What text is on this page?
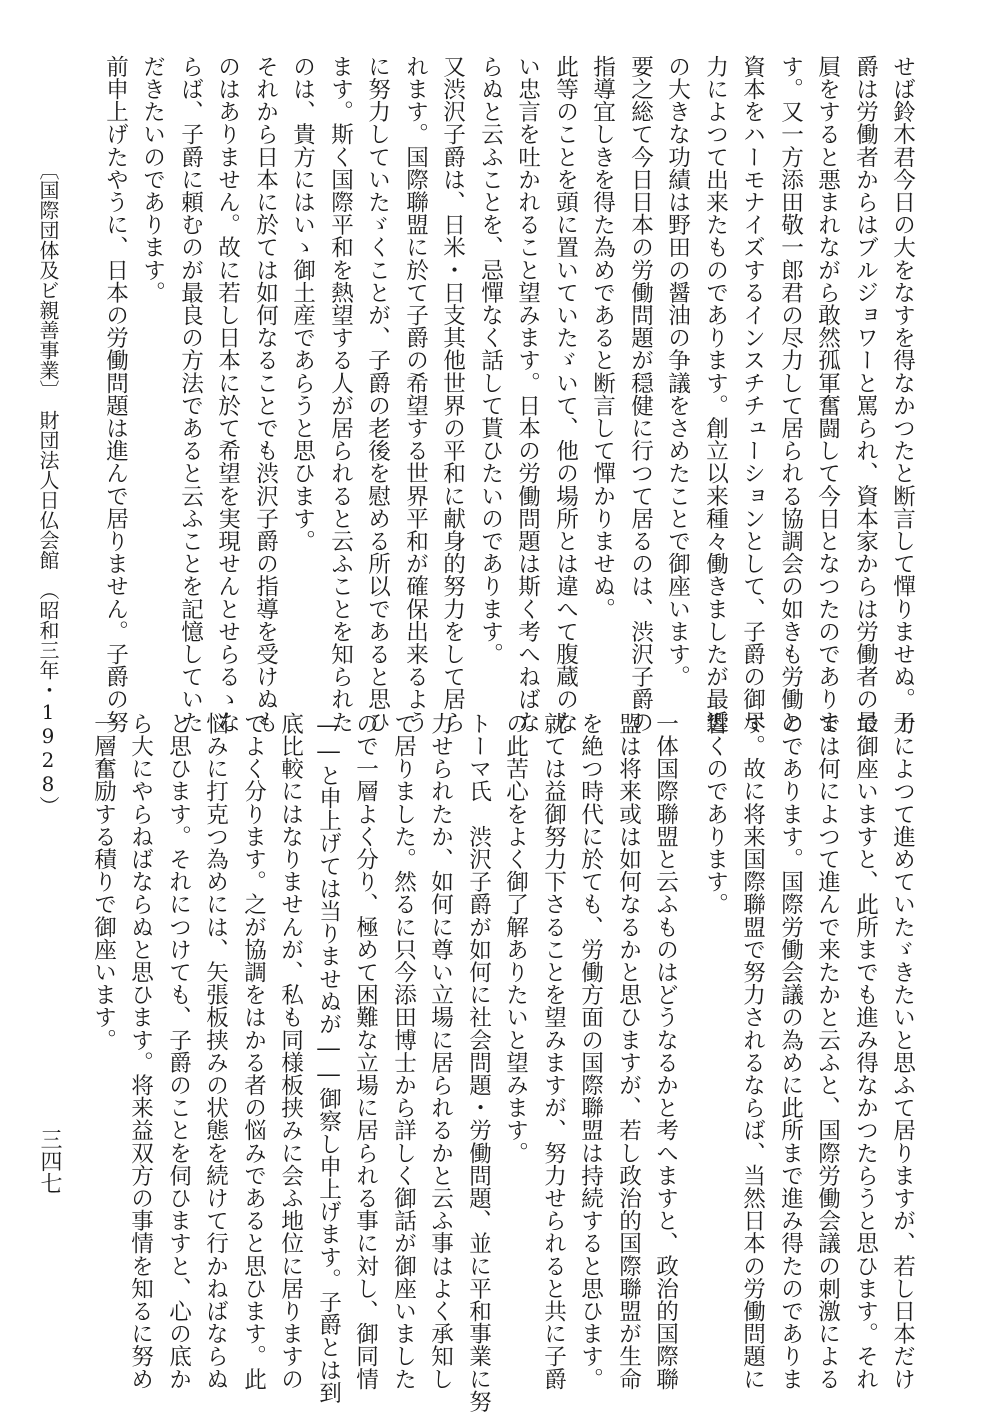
せば鈴木君今日の大をなすを得なかつたと断言して憚りませぬ。子
爵は労働者からはブルジョワーと罵られ、資本家からは労働者の最
屓をすると悪まれながら敢然孤軍奮闘して今日となつたのでありま
す。又一方添田敬一郎君の尽力して居られる協調会の如きも労働と
資本をハーモナイズするインスチチューションとして、子爵の御尽
力によつて出来たものであります。創立以来種々働きましたが最近
の大きな功績は野田の醤油の争議をさめたことで御座います。
要之総て今日日本の労働問題が穏健に行つて居るのは、渋沢子爵の
指導宜しきを得た為めであると断言して憚かりませぬ。
此等のことを頭に置いていたゞいて、他の場所とは違へて腹蔵のな
い忠言を吐かれること望みます。日本の労働問題は斯く考へねばな
らぬと云ふことを、忌憚なく話して貰ひたいのであります。
又渋沢子爵は、日米・日支其他世界の平和に献身的努力をして居ら
れます。国際聯盟に於て子爵の希望する世界平和が確保出来るよう
に努力していたゞくことが、子爵の老後を慰める所以であると思ひ
ます。斯く国際平和を熱望する人が居られると云ふことを知られた
のは、貴方にはいゝ御土産であらうと思ひます。
それから日本に於ては如何なることでも渋沢子爵の指導を受けぬも
のはありません。故に若し日本に於て希望を実現せんとせらるゝな
らば、子爵に頼むのが最良の方法であると云ふことを記憶していた
だきたいのであります。
前申上げたやうに、日本の労働問題は進んで居りません。子爵の努
力によつて進めていたゞきたいと思ふて居りますが、若し日本だけ
で御座いますと、此所までも進み得なかつたらうと思ひます。それ
では何によつて進んで来たかと云ふと、国際労働会議の刺激による
のであります。国際労働会議の為めに此所まで進み得たのでありま
す。故に将来国際聯盟で努力されるならば、当然日本の労働問題に
響くのであります。
一体国際聯盟と云ふものはどうなるかと考へますと、政治的国際聯
盟は将来或は如何なるかと思ひますが、若し政治的国際聯盟が生命
を絶つ時代に於ても、労働方面の国際聯盟は持続すると思ひます。
就ては益御努力下さることを望みますが、努力せられると共に子爵
の此苦心をよく御了解ありたいと望みます。
トーマ氏　渋沢子爵が如何に社会問題・労働問題、並に平和事業に努
力せられたか、如何に尊い立場に居られるかと云ふ事はよく承知し
て居りました。然るに只今添田博士から詳しく御話が御座いました
ので一層よく分り、極めて困難な立場に居られる事に対し、御同情
――と申上げては当りませぬが――御察し申上げます。子爵とは到
底比較にはなりませんが、私も同様板挟みに会ふ地位に居りますの
でよく分ります。之が協調をはかる者の悩みであると思ひます。此
悩みに打克つ為めには、矢張板挟みの状態を続けて行かねばならぬ
と思ひます。それにつけても、子爵のことを伺ひますと、心の底か
ら大にやらねばならぬと思ひます。将来益双方の事情を知るに努め
一層奮励する積りで御座います。
〔国際団体及ビ親善事業〕　財団法人日仏会館　（昭和三年・1928）
三四七
